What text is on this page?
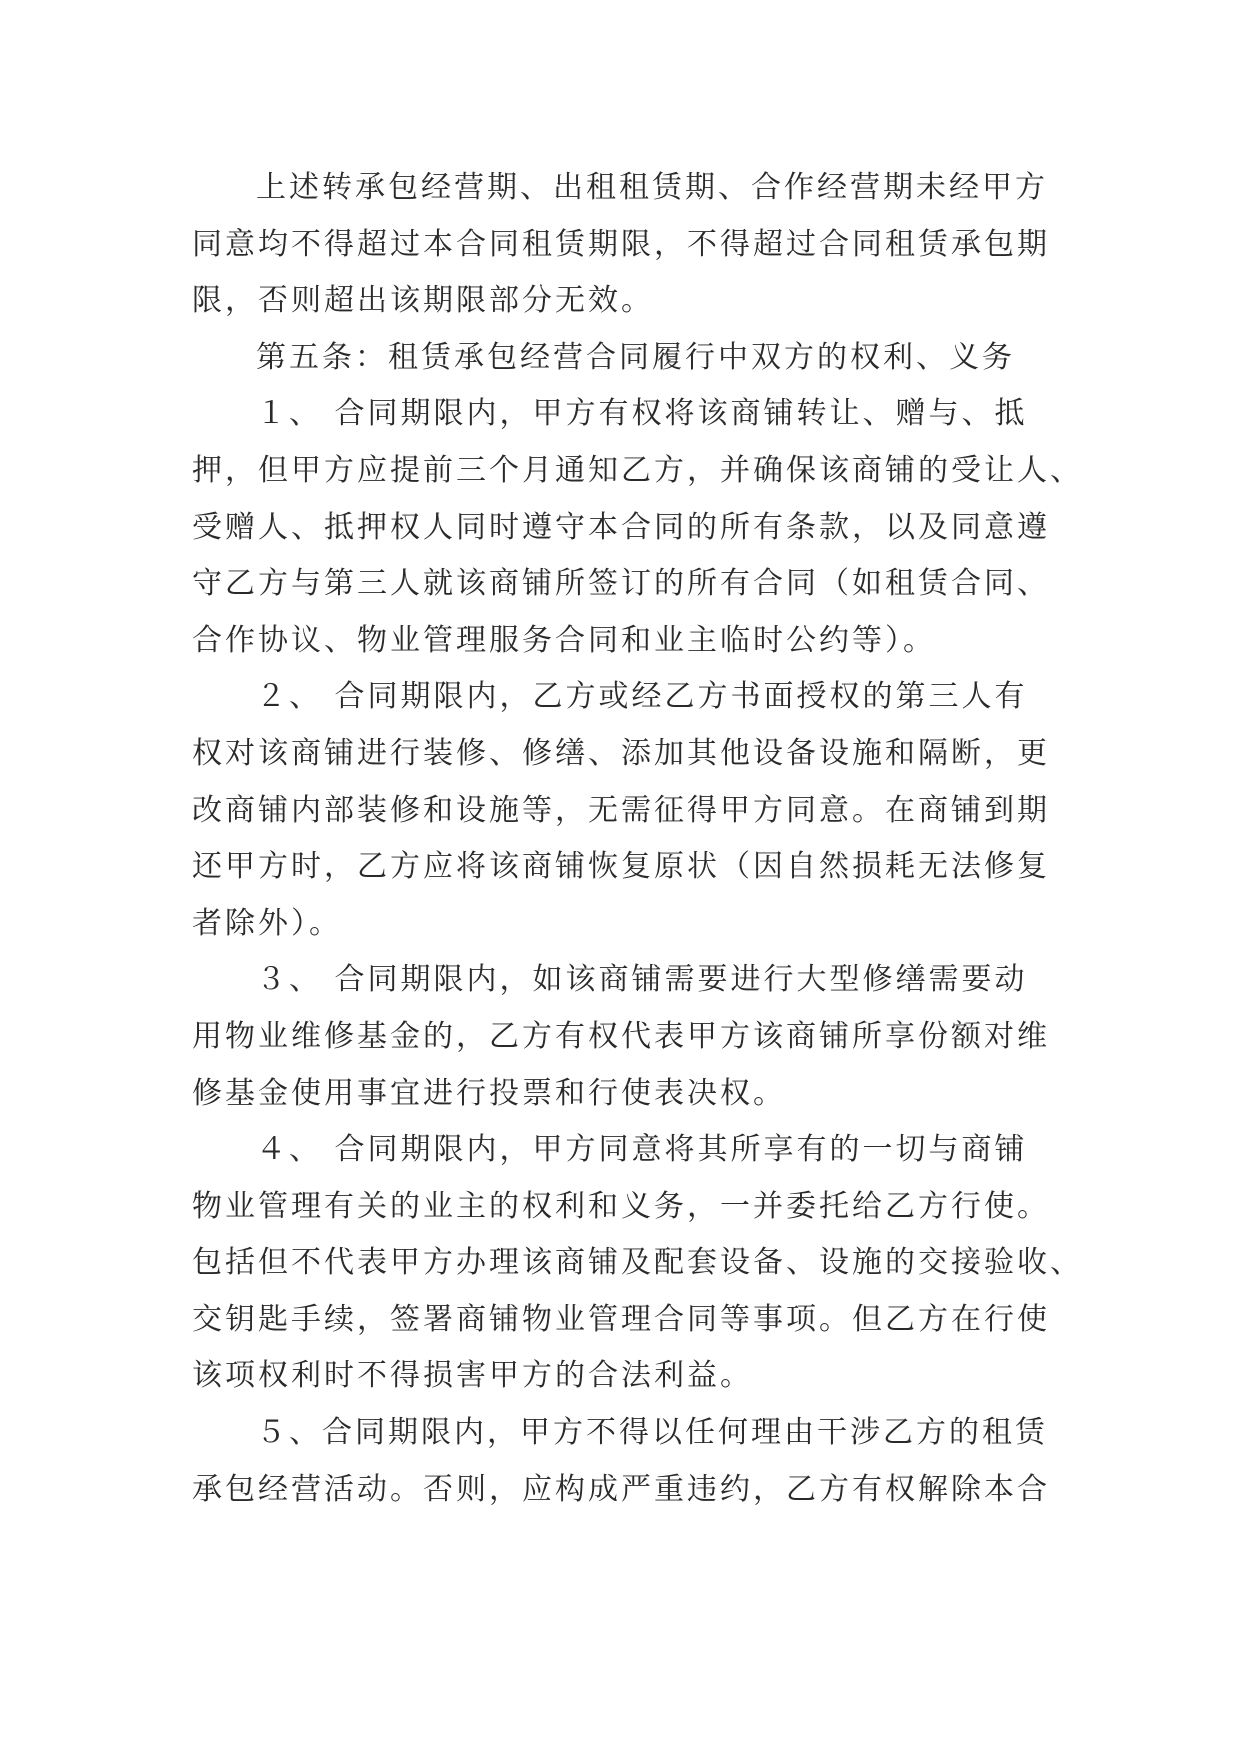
上述转承包经营期、出租租赁期、合作经营期未经甲方
同意均不得超过本合同租赁期限，不得超过合同租赁承包期
限，否则超出该期限部分无效。
第五条：租赁承包经营合同履行中双方的权利、义务
１、 合同期限内，甲方有权将该商铺转让、赠与、抵
押，但甲方应提前三个月通知乙方，并确保该商铺的受让人、
受赠人、抵押权人同时遵守本合同的所有条款，以及同意遵
守乙方与第三人就该商铺所签订的所有合同（如租赁合同、
合作协议、物业管理服务合同和业主临时公约等）。
２、 合同期限内，乙方或经乙方书面授权的第三人有
权对该商铺进行装修、修缮、添加其他设备设施和隔断，更
改商铺内部装修和设施等，无需征得甲方同意。在商铺到期
还甲方时，乙方应将该商铺恢复原状（因自然损耗无法修复
者除外）。
３、 合同期限内，如该商铺需要进行大型修缮需要动
用物业维修基金的，乙方有权代表甲方该商铺所享份额对维
修基金使用事宜进行投票和行使表决权。
４、 合同期限内，甲方同意将其所享有的一切与商铺
物业管理有关的业主的权利和义务，一并委托给乙方行使。
包括但不代表甲方办理该商铺及配套设备、设施的交接验收、
交钥匙手续，签署商铺物业管理合同等事项。但乙方在行使
该项权利时不得损害甲方的合法利益。
５、合同期限内，甲方不得以任何理由干涉乙方的租赁
承包经营活动。否则，应构成严重违约，乙方有权解除本合
